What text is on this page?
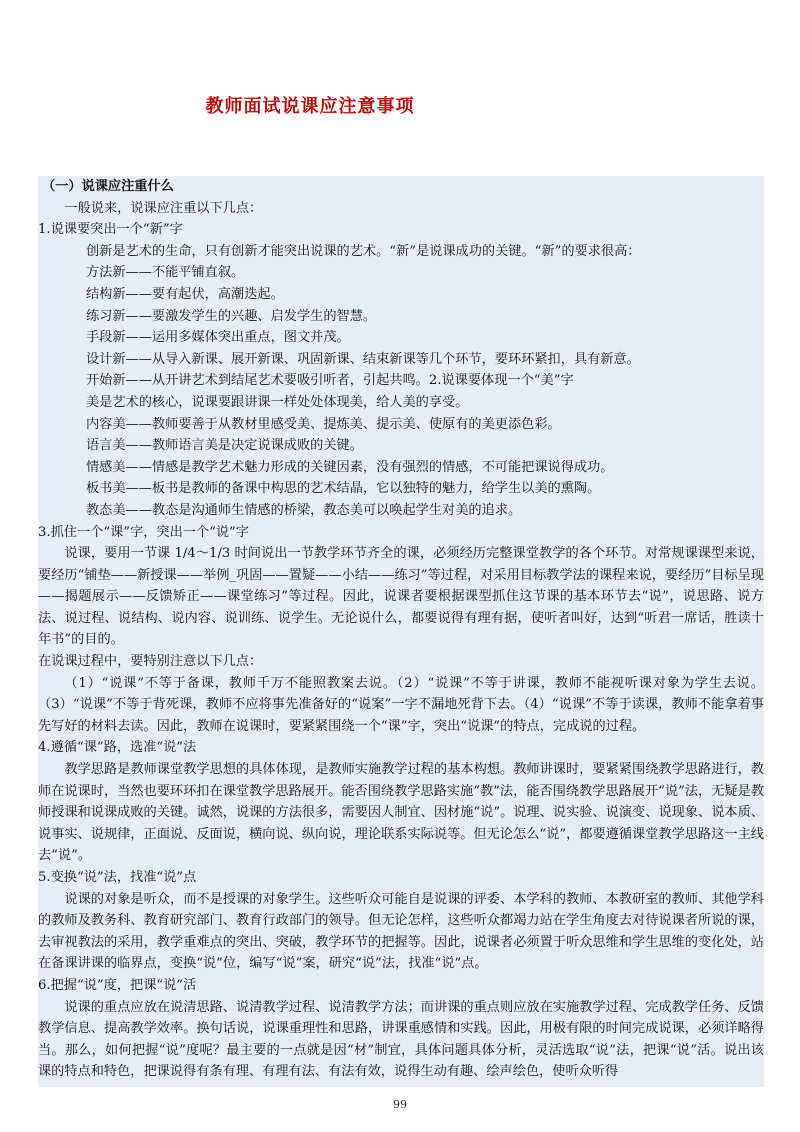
教师面试说课应注意事项

（一）说课应注重什么

一般说来，说课应注重以下几点：

1.说课要突出一个“新”字

创新是艺术的生命，只有创新才能突出说课的艺术。“新”是说课成功的关键。“新”的要求很高：

方法新——不能平铺直叙。

结构新——要有起伏，高潮迭起。

练习新——要激发学生的兴趣、启发学生的智慧。

手段新——运用多媒体突出重点，图文并茂。

设计新——从导入新课、展开新课、巩固新课、结束新课等几个环节，要环环紧扣，具有新意。

开始新——从开讲艺术到结尾艺术要吸引听者，引起共鸣。2.说课要体现一个“美”字

美是艺术的核心，说课要跟讲课一样处处体现美，给人美的享受。

内容美——教师要善于从教材里感受美、提炼美、提示美、使原有的美更添色彩。

语言美——教师语言美是决定说课成败的关键。

情感美——情感是教学艺术魅力形成的关键因素，没有强烈的情感，不可能把课说得成功。

板书美——板书是教师的备课中构思的艺术结晶，它以独特的魅力，给学生以美的熏陶。

教态美——教态是沟通师生情感的桥梁，教态美可以唤起学生对美的追求。

3.抓住一个“课”字，突出一个“说”字

说课，要用一节课 1/4～1/3 时间说出一节教学环节齐全的课，必须经历完整课堂教学的各个环节。对常规课课型来说，要经历“铺垫——新授课——举例_巩固——置疑——小结——练习”等过程，对采用目标教学法的课程来说，要经历“目标呈现——揭题展示——反馈矫正——课堂练习”等过程。因此，说课者要根据课型抓住这节课的基本环节去“说”，说思路、说方法、说过程、说结构、说内容、说训练、说学生。无论说什么，都要说得有理有据，使听者叫好，达到“听君一席话，胜读十年书”的目的。

在说课过程中，要特别注意以下几点：

（1）“说课”不等于备课，教师千万不能照教案去说。（2）“说课”不等于讲课，教师不能视听课对象为学生去说。（3）“说课”不等于背死课，教师不应将事先准备好的“说案”一字不漏地死背下去。（4）“说课”不等于读课，教师不能拿着事先写好的材料去读。因此，教师在说课时，要紧紧围绕一个“课”字，突出“说课”的特点，完成说的过程。

4.遵循“课”路，选准“说”法

教学思路是教师课堂教学思想的具体体现，是教师实施教学过程的基本构想。教师讲课时，要紧紧围绕教学思路进行，教师在说课时，当然也要环环扣在课堂教学思路展开。能否围绕教学思路实施“教”法，能否围绕教学思路展开“说”法，无疑是教师授课和说课成败的关键。诚然，说课的方法很多，需要因人制宜、因材施“说”。说理、说实验、说演变、说现象、说本质、说事实、说规律，正面说、反面说，横向说、纵向说，理论联系实际说等。但无论怎么“说”，都要遵循课堂教学思路这一主线去“说”。

5.变换“说”法，找准“说”点

说课的对象是听众，而不是授课的对象学生。这些听众可能自是说课的评委、本学科的教师、本教研室的教师、其他学科的教师及教务科、教育研究部门、教育行政部门的领导。但无论怎样，这些听众都竭力站在学生角度去对待说课者所说的课，去审视教法的采用，教学重难点的突出、突破，教学环节的把握等。因此，说课者必须置于听众思维和学生思维的变化处，站在备课讲课的临界点，变换“说”位，编写“说”案，研究“说”法，找准“说”点。

6.把握“说”度，把课“说”活

说课的重点应放在说清思路、说清教学过程、说清教学方法；而讲课的重点则应放在实施教学过程、完成教学任务、反馈教学信息、提高教学效率。换句话说，说课重理性和思路，讲课重感情和实践。因此，用极有限的时间完成说课，必须详略得当。那么，如何把握“说”度呢？最主要的一点就是因“材”制宜，具体问题具体分析，灵活选取“说”法，把课“说”活。说出该课的特点和特色，把课说得有条有理、有理有法、有法有效，说得生动有趣、绘声绘色，使听众听得

99
